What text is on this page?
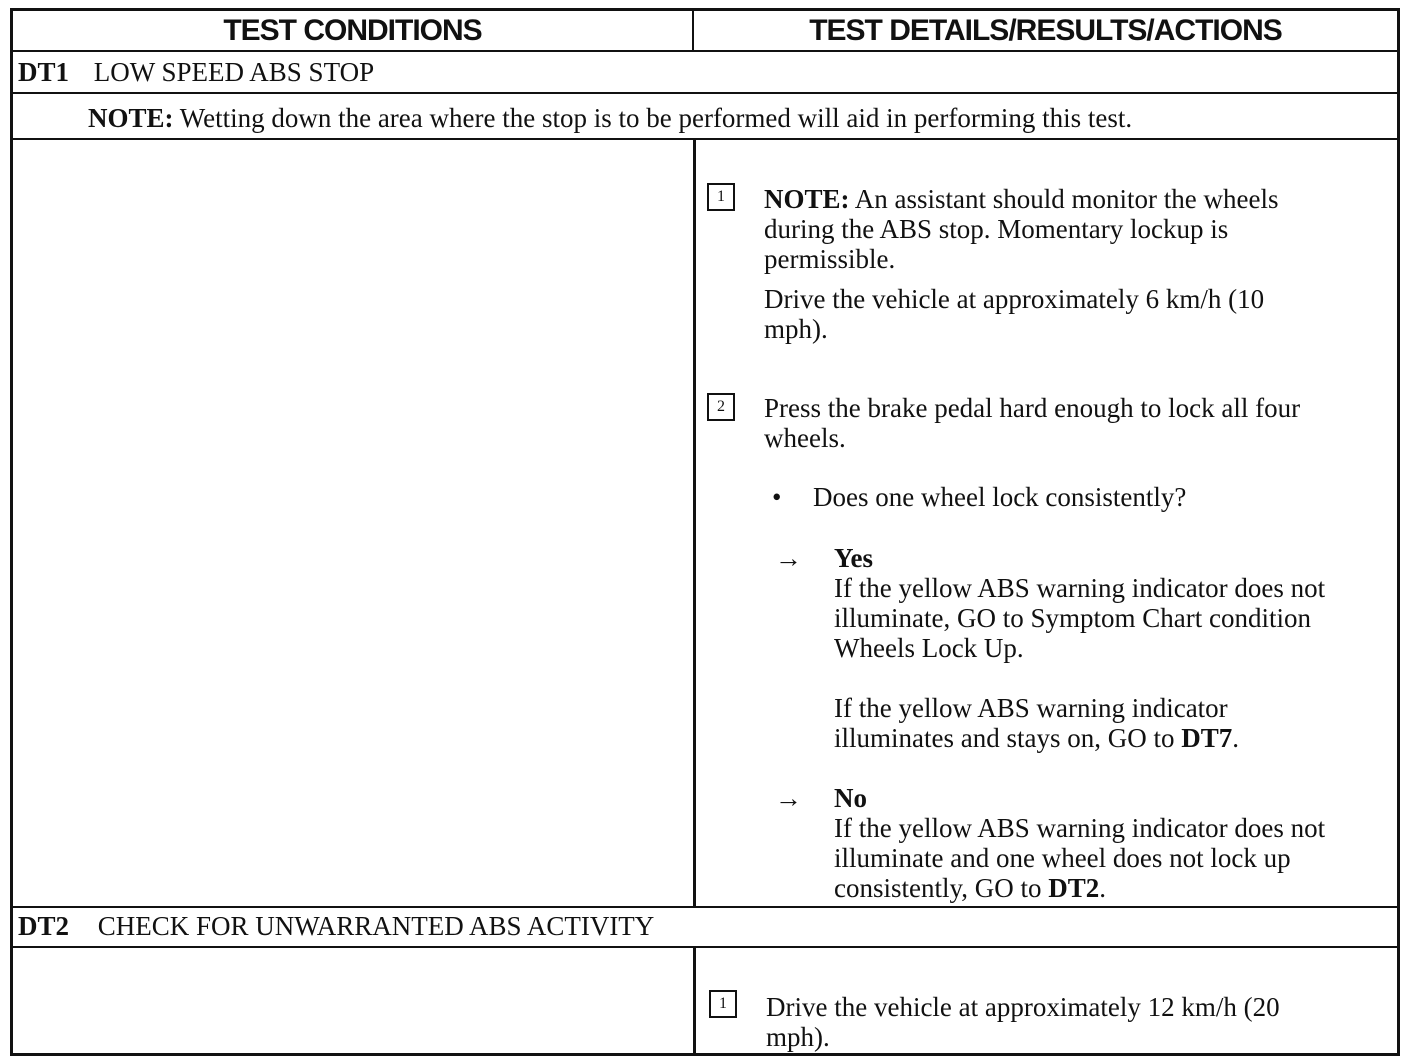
TEST CONDITIONS	TEST DETAILS/RESULTS/ACTIONS
DT1 LOW SPEED ABS STOP
NOTE: Wetting down the area where the stop is to be performed will aid in performing this test.
1	NOTE: An assistant should monitor the wheels
during the ABS stop. Momentary lockup is
permissible.
Drive the vehicle at approximately 6 km/h (10
mph).
2	Press the brake pedal hard enough to lock all four
wheels.
• Does one wheel lock consistently?
→ Yes
If the yellow ABS warning indicator does not
illuminate, GO to Symptom Chart condition
Wheels Lock Up.
If the yellow ABS warning indicator
illuminates and stays on, GO to DT7.
→ No
If the yellow ABS warning indicator does not
illuminate and one wheel does not lock up
consistently, GO to DT2.
DT2 CHECK FOR UNWARRANTED ABS ACTIVITY
1	Drive the vehicle at approximately 12 km/h (20
mph).
